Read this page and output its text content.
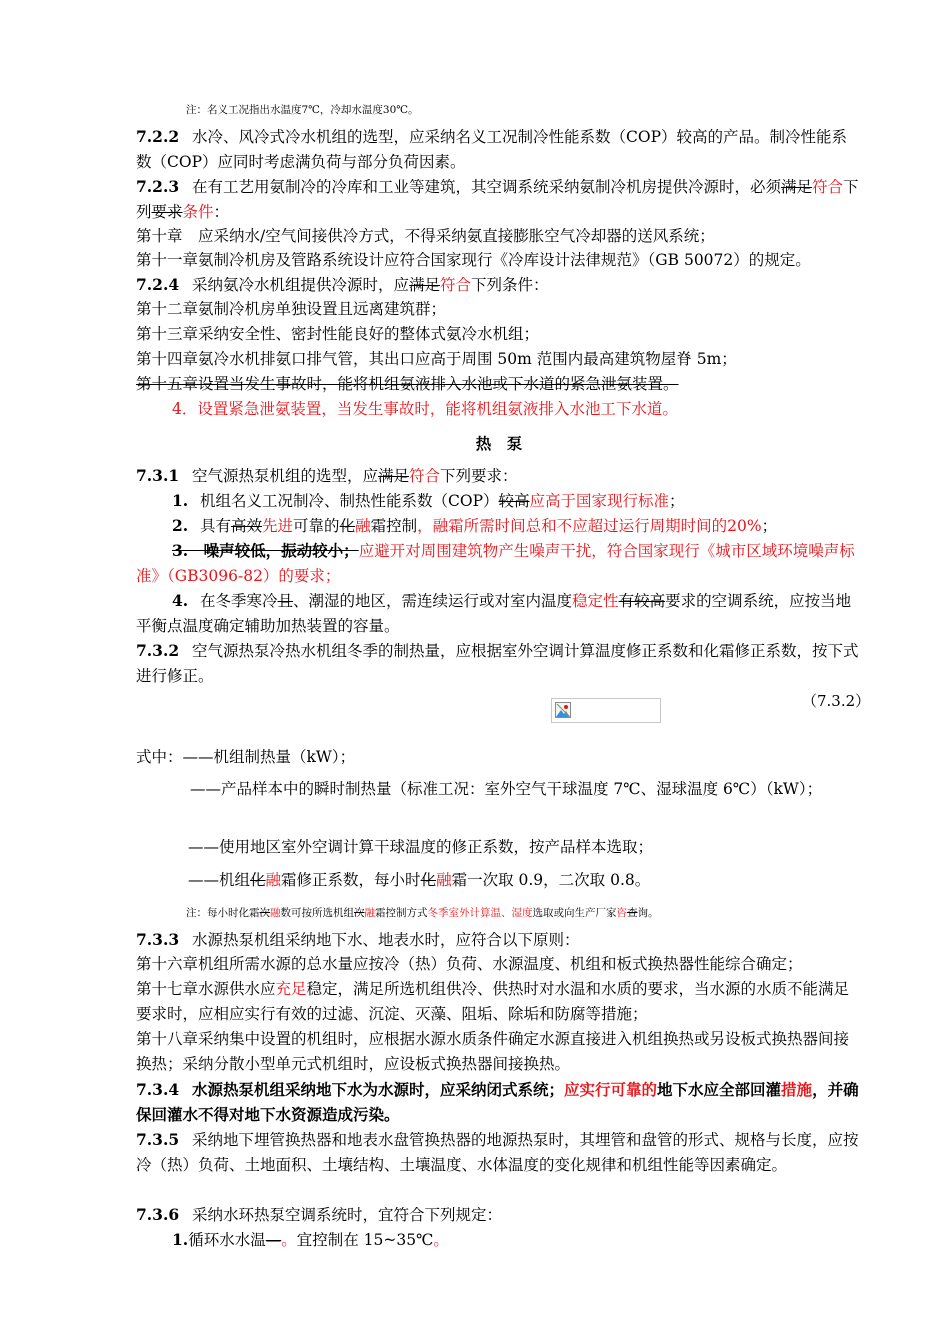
注：名义工况指出水温度7℃，冷却水温度30℃。

7.2.2 水冷、风冷式冷水机组的选型，应采纳名义工况制冷性能系数（COP）较高的产品。制冷性能系数（COP）应同时考虑满负荷与部分负荷因素。

7.2.3 在有工艺用氨制冷的冷库和工业等建筑，其空调系统采纳氨制冷机房提供冷源时，必须满足符合下列要求条件：

第十章　应采纳水/空气间接供冷方式，不得采纳氨直接膨胀空气冷却器的送风系统；

第十一章氨制冷机房及管路系统设计应符合国家现行《冷库设计法律规范》（GB 50072）的规定。

7.2.4 采纳氨冷水机组提供冷源时，应满足符合下列条件：

第十二章氨制冷机房单独设置且远离建筑群；

第十三章采纳安全性、密封性能良好的整体式氨冷水机组；

第十四章氨冷水机排氨口排气管，其出口应高于周围 50m 范围内最高建筑物屋脊 5m；

第十五章设置当发生事故时，能将机组氨液排入水池或下水道的紧急泄氨装置。

4．设置紧急泄氨装置，当发生事故时，能将机组氨液排入水池工下水道。

热　泵

7.3.1 空气源热泵机组的选型，应满足符合下列要求：

1. 机组名义工况制冷、制热性能系数（COP）较高应高于国家现行标准；

2. 具有高效先进可靠的化融霜控制，融霜所需时间总和不应超过运行周期时间的20%；

3.　噪声较低，振动较小；应避开对周围建筑物产生噪声干扰，符合国家现行《城市区域环境噪声标准》（GB3096-82）的要求；

4. 在冬季寒冷且、潮湿的地区，需连续运行或对室内温度稳定性有较高要求的空调系统，应按当地平衡点温度确定辅助加热装置的容量。

7.3.2 空气源热泵冷热水机组冬季的制热量，应根据室外空调计算温度修正系数和化霜修正系数，按下式进行修正。

（7.3.2）

式中：——机组制热量（kW）；

——产品样本中的瞬时制热量（标准工况：室外空气干球温度 7℃、湿球温度 6℃）（kW）；

——使用地区室外空调计算干球温度的修正系数，按产品样本选取；

——机组化融霜修正系数，每小时化融霜一次取 0.9，二次取 0.8。

注：每小时化霜次融数可按所选机组次融霜控制方式冬季室外计算温、湿度选取或向生产厂家咨查询。

7.3.3 水源热泵机组采纳地下水、地表水时，应符合以下原则：

第十六章机组所需水源的总水量应按冷（热）负荷、水源温度、机组和板式换热器性能综合确定；

第十七章水源供水应充足稳定，满足所选机组供冷、供热时对水温和水质的要求，当水源的水质不能满足要求时，应相应实行有效的过滤、沉淀、灭藻、阻垢、除垢和防腐等措施；

第十八章采纳集中设置的机组时，应根据水源水质条件确定水源直接进入机组换热或另设板式换热器间接换热；采纳分散小型单元式机组时，应设板式换热器间接换热。

7.3.4 水源热泵机组采纳地下水为水源时，应采纳闭式系统；应实行可靠的地下水应全部回灌措施，并确保回灌水不得对地下水资源造成污染。

7.3.5 采纳地下埋管换热器和地表水盘管换热器的地源热泵时，其埋管和盘管的形式、规格与长度，应按冷（热）负荷、土地面积、土壤结构、土壤温度、水体温度的变化规律和机组性能等因素确定。

7.3.6 采纳水环热泵空调系统时，宜符合下列规定：

1.循环水水温—。宜控制在 15~35℃。
